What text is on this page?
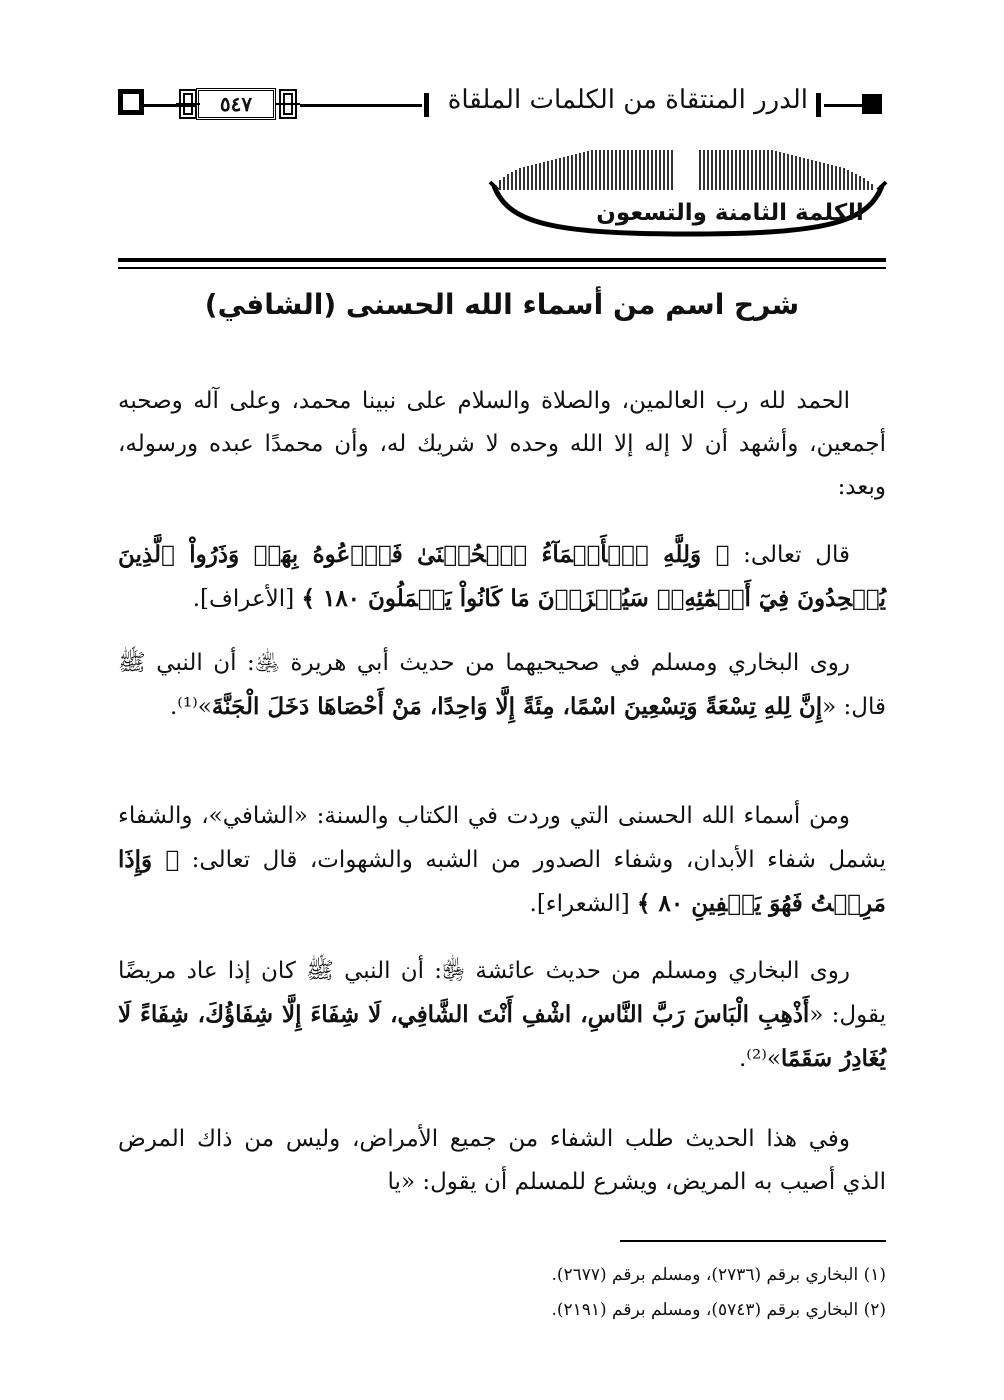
٥٤٧	الدرر المنتقاة من الكلمات الملقاة
الكلمة الثامنة والتسعون
شرح اسم من أسماء الله الحسنى (الشافي)
الحمد لله رب العالمين، والصلاة والسلام على نبينا محمد، وعلى آله وصحبه أجمعين، وأشهد أن لا إله إلا الله وحده لا شريك له، وأن محمدًا عبده ورسوله، وبعد:
قال تعالى: ﴿ وَلِلَّهِ ٱلۡأَسۡمَآءُ ٱلۡحُسۡنَىٰ فَٱدۡعُوهُ بِهَاۖ وَذَرُواْ ٱلَّذِينَ يُلۡحِدُونَ فِيٓ أَسۡمَٰٓئِهِۦۚ سَيُجۡزَوۡنَ مَا كَانُواْ يَعۡمَلُونَ ١٨٠ ﴾ [الأعراف].
روى البخاري ومسلم في صحيحيهما من حديث أبي هريرة ﵁: أن النبي ﷺ قال: «إِنَّ لِلهِ تِسْعَةً وَتِسْعِينَ اسْمًا، مِئَةً إِلَّا وَاحِدًا، مَنْ أَحْصَاهَا دَخَلَ الْجَنَّةَ»⁽¹⁾.
ومن أسماء الله الحسنى التي وردت في الكتاب والسنة: «الشافي»، والشفاء يشمل شفاء الأبدان، وشفاء الصدور من الشبه والشهوات، قال تعالى: ﴿ وَإِذَا مَرِضۡتُ فَهُوَ يَشۡفِينِ ٨٠ ﴾ [الشعراء].
روى البخاري ومسلم من حديث عائشة ﵂: أن النبي ﷺ كان إذا عاد مريضًا يقول: «أَذْهِبِ الْبَاسَ رَبَّ النَّاسِ، اشْفِ أَنْتَ الشَّافِي، لَا شِفَاءَ إِلَّا شِفَاؤُكَ، شِفَاءً لَا يُغَادِرُ سَقَمًا»⁽²⁾.
وفي هذا الحديث طلب الشفاء من جميع الأمراض، وليس من ذاك المرض الذي أصيب به المريض، ويشرع للمسلم أن يقول: «يا
(١) البخاري برقم (٢٧٣٦)، ومسلم برقم (٢٦٧٧).
(٢) البخاري برقم (٥٧٤٣)، ومسلم برقم (٢١٩١).
